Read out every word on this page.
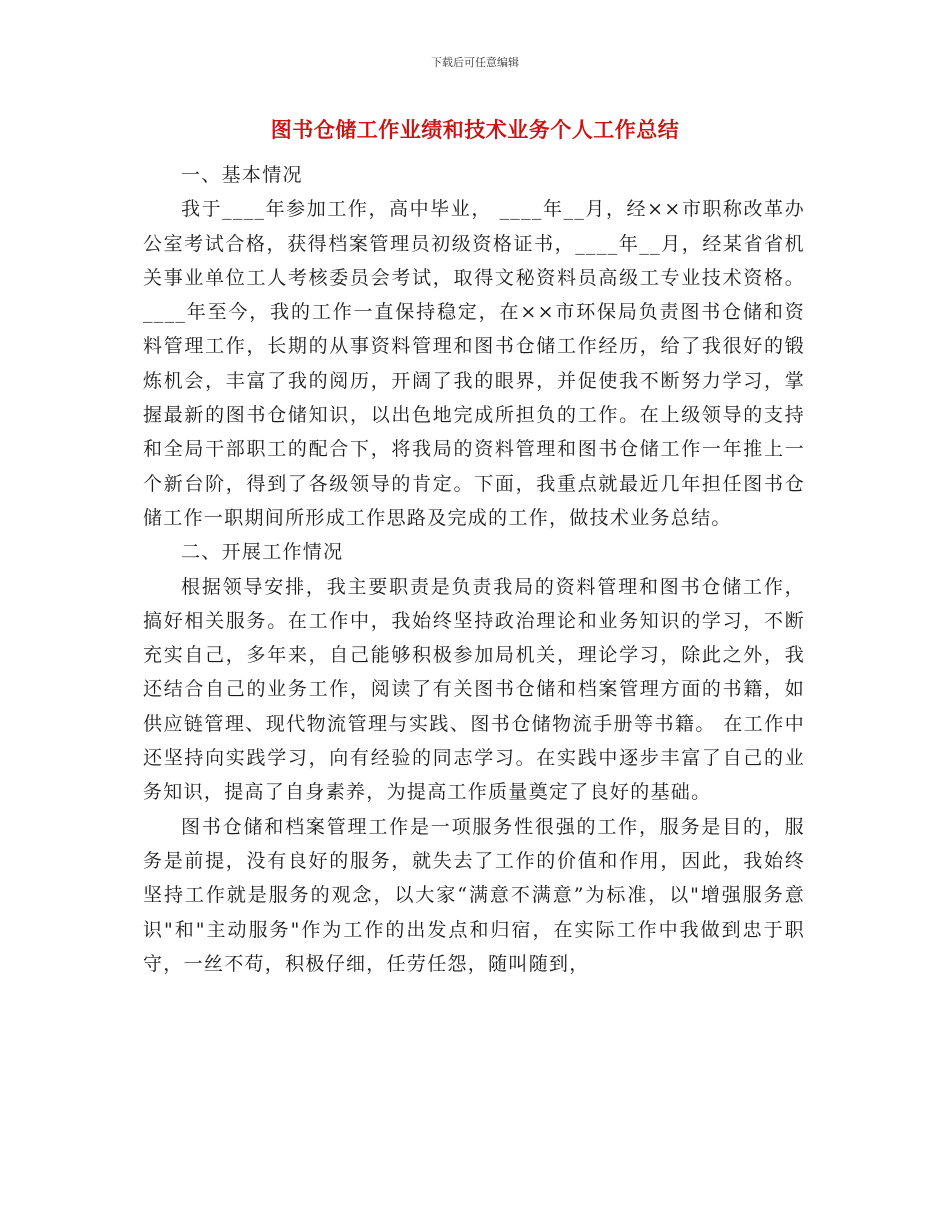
下载后可任意编辑
图书仓储工作业绩和技术业务个人工作总结

一、基本情况

我于____年参加工作，高中毕业， ____年__月，经××市职称改革办公室考试合格，获得档案管理员初级资格证书，____年__月，经某省省机关事业单位工人考核委员会考试，取得文秘资料员高级工专业技术资格。____年至今，我的工作一直保持稳定，在××市环保局负责图书仓储和资料管理工作，长期的从事资料管理和图书仓储工作经历，给了我很好的锻炼机会，丰富了我的阅历，开阔了我的眼界，并促使我不断努力学习，掌握最新的图书仓储知识，以出色地完成所担负的工作。在上级领导的支持和全局干部职工的配合下，将我局的资料管理和图书仓储工作一年推上一个新台阶，得到了各级领导的肯定。下面，我重点就最近几年担任图书仓储工作一职期间所形成工作思路及完成的工作，做技术业务总结。

二、开展工作情况

根据领导安排，我主要职责是负责我局的资料管理和图书仓储工作，搞好相关服务。在工作中，我始终坚持政治理论和业务知识的学习，不断充实自己，多年来，自己能够积极参加局机关，理论学习，除此之外，我还结合自己的业务工作，阅读了有关图书仓储和档案管理方面的书籍，如供应链管理、现代物流管理与实践、图书仓储物流手册等书籍。 在工作中还坚持向实践学习，向有经验的同志学习。在实践中逐步丰富了自己的业务知识，提高了自身素养，为提高工作质量奠定了良好的基础。

图书仓储和档案管理工作是一项服务性很强的工作，服务是目的，服务是前提，没有良好的服务，就失去了工作的价值和作用，因此，我始终坚持工作就是服务的观念，以大家“满意不满意”为标准，以"增强服务意识"和"主动服务"作为工作的出发点和归宿，在实际工作中我做到忠于职守，一丝不苟，积极仔细，任劳任怨，随叫随到，
